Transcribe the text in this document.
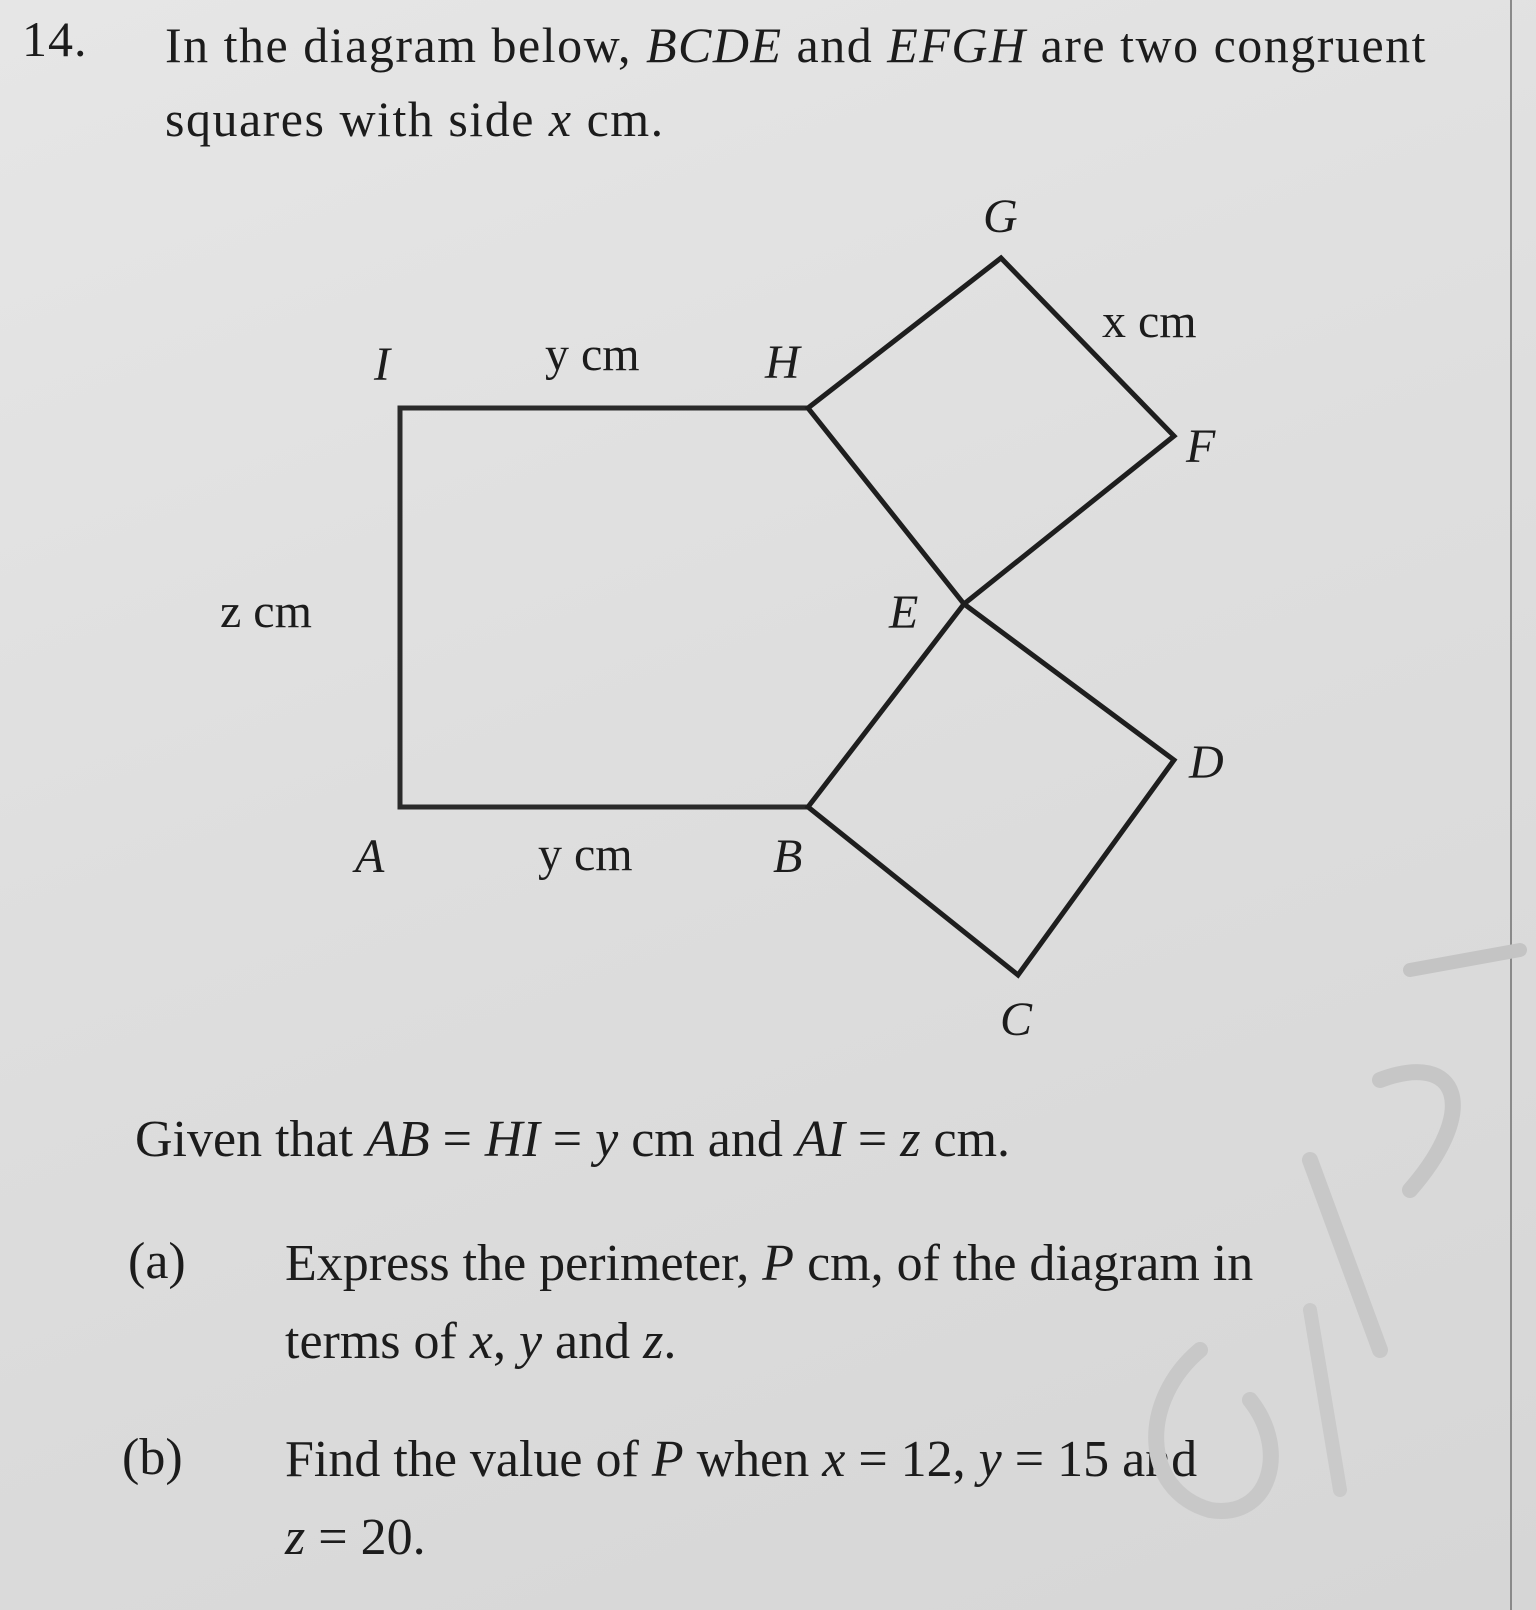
14. In the diagram below, BCDE and EFGH are two congruent squares with side x cm.
I	H
G
F
E
D
C
B
A
y cm
y cm
z cm
x cm
Given that AB = HI = y cm and AI = z cm.
(a) Express the perimeter, P cm, of the diagram in
terms of x, y and z.
(b) Find the value of P when x = 12, y = 15 and
z = 20.
